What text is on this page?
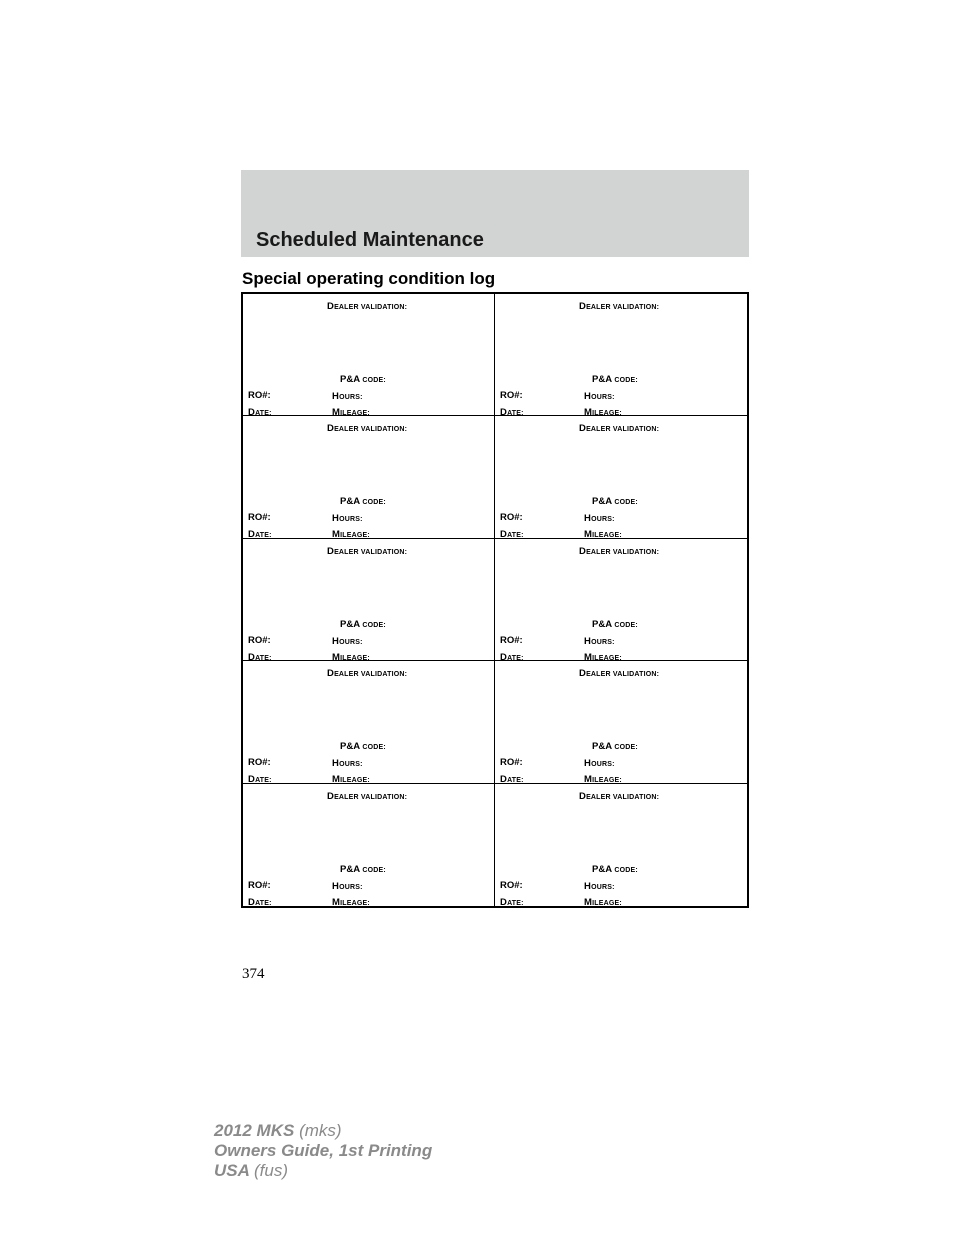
Scheduled Maintenance
Special operating condition log
DEALER VALIDATION:
P&A CODE:
RO#:	HOURS:
DATE:	MILEAGE:
DEALER VALIDATION:
P&A CODE:
RO#:	HOURS:
DATE:	MILEAGE:
DEALER VALIDATION:
P&A CODE:
RO#:	HOURS:
DATE:	MILEAGE:
DEALER VALIDATION:
P&A CODE:
RO#:	HOURS:
DATE:	MILEAGE:
DEALER VALIDATION:
P&A CODE:
RO#:	HOURS:
DATE:	MILEAGE:
DEALER VALIDATION:
P&A CODE:
RO#:	HOURS:
DATE:	MILEAGE:
DEALER VALIDATION:
P&A CODE:
RO#:	HOURS:
DATE:	MILEAGE:
DEALER VALIDATION:
P&A CODE:
RO#:	HOURS:
DATE:	MILEAGE:
DEALER VALIDATION:
P&A CODE:
RO#:	HOURS:
DATE:	MILEAGE:
DEALER VALIDATION:
P&A CODE:
RO#:	HOURS:
DATE:	MILEAGE:
374
2012 MKS (mks)
Owners Guide, 1st Printing
USA (fus)
